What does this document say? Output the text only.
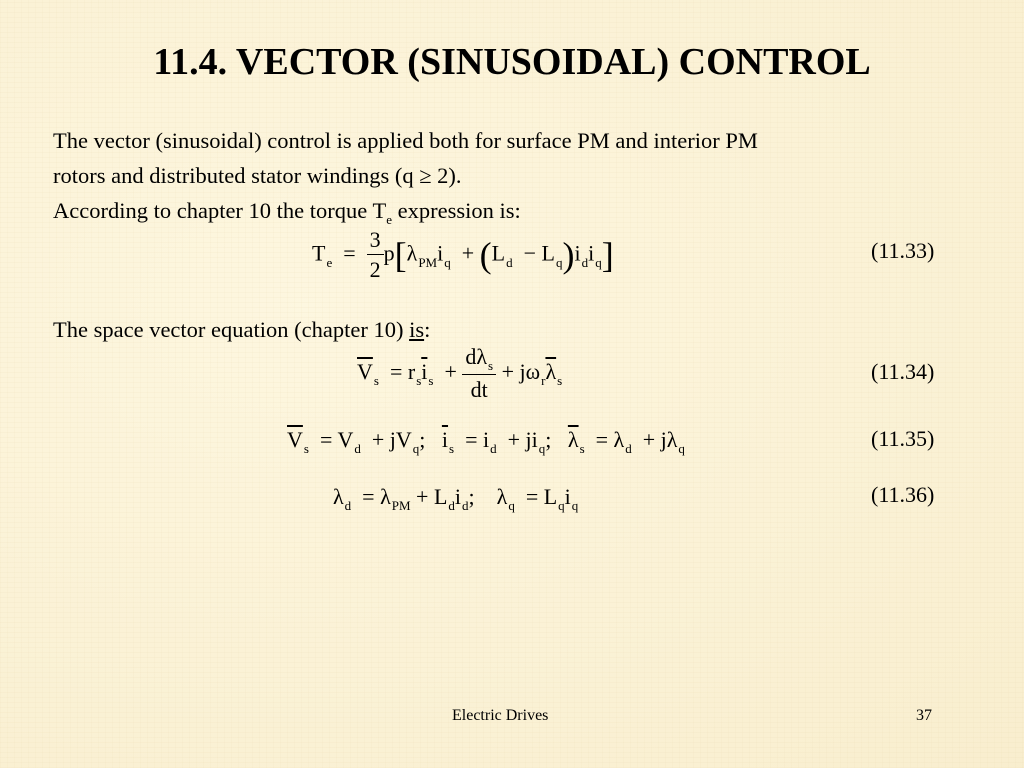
11.4. VECTOR (SINUSOIDAL) CONTROL
The vector (sinusoidal) control is applied both for surface PM and interior PM
rotors and distributed stator windings (q ≥ 2).
According to chapter 10 the torque $T_e$ expression is:
$T_e = \frac{3}{2} p[\lambda_{PM}i_q + (L_d - L_q)i_di_q]$	(11.33)
The space vector equation (chapter 10) is:
$\overline{V}_s = r_s\overline{i}_s + \frac{d\lambda_s}{dt} + j\omega_r\overline{\lambda}_s$	(11.34)
$\overline{V}_s = V_d + jV_q$;   $\overline{i}_s = i_d + ji_q$;   $\overline{\lambda}_s = \lambda_d + j\lambda_q$	(11.35)
$\lambda_d = \lambda_{PM} + L_di_d$;    $\lambda_q = L_qi_q$	(11.36)
Electric Drives	37
